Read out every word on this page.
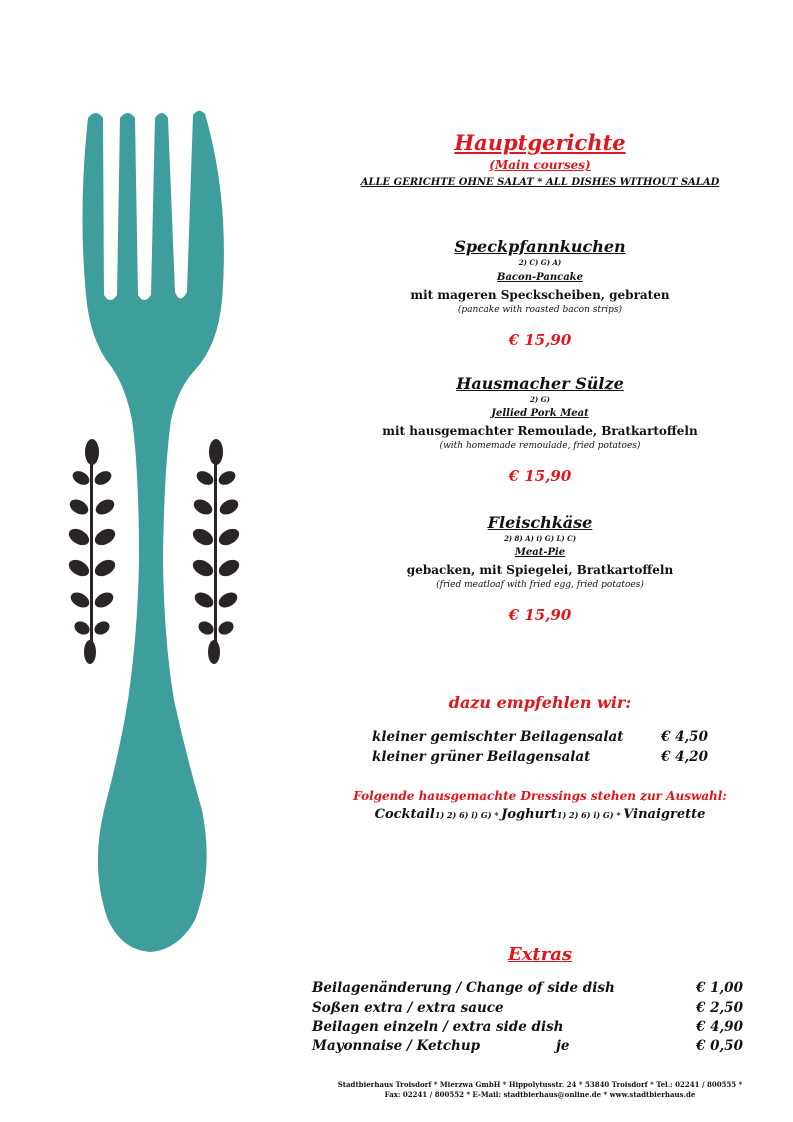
Hauptgerichte
(Main courses)
ALLE GERICHTE OHNE SALAT * ALL DISHES WITHOUT SALAD
Speckpfannkuchen
2) C) G) A)
Bacon-Pancake
mit mageren Speckscheiben, gebraten
(pancake with roasted bacon strips)
€ 15,90
Hausmacher Sülze
2) G)
Jellied Pork Meat
mit hausgemachter Remoulade, Bratkartoffeln
(with homemade remoulade, fried potatoes)
€ 15,90
Fleischkäse
2) 8) A) i) G) L) C)
Meat-Pie
gebacken, mit Spiegelei, Bratkartoffeln
(fried meatloaf with fried egg, fried potatoes)
€ 15,90
dazu empfehlen wir:
kleiner gemischter Beilagensalat	€ 4,50
kleiner grüner Beilagensalat	€ 4,20
Folgende hausgemachte Dressings stehen zur Auswahl:
Cocktail1) 2) 6) i) G) * Joghurt1) 2) 6) i) G) * Vinaigrette
Extras
Beilagenänderung / Change of side dish	€ 1,00
Soßen extra / extra sauce	€ 2,50
Beilagen einzeln / extra side dish	€ 4,90
Mayonnaise / Ketchup	je	€ 0,50
Stadtbierhaus Troisdorf * Mierzwa GmbH * Hippolytusstr. 24 * 53840 Troisdorf * Tel.: 02241 / 800555 *
Fax: 02241 / 800552 * E-Mail: stadtbierhaus@online.de * www.stadtbierhaus.de
